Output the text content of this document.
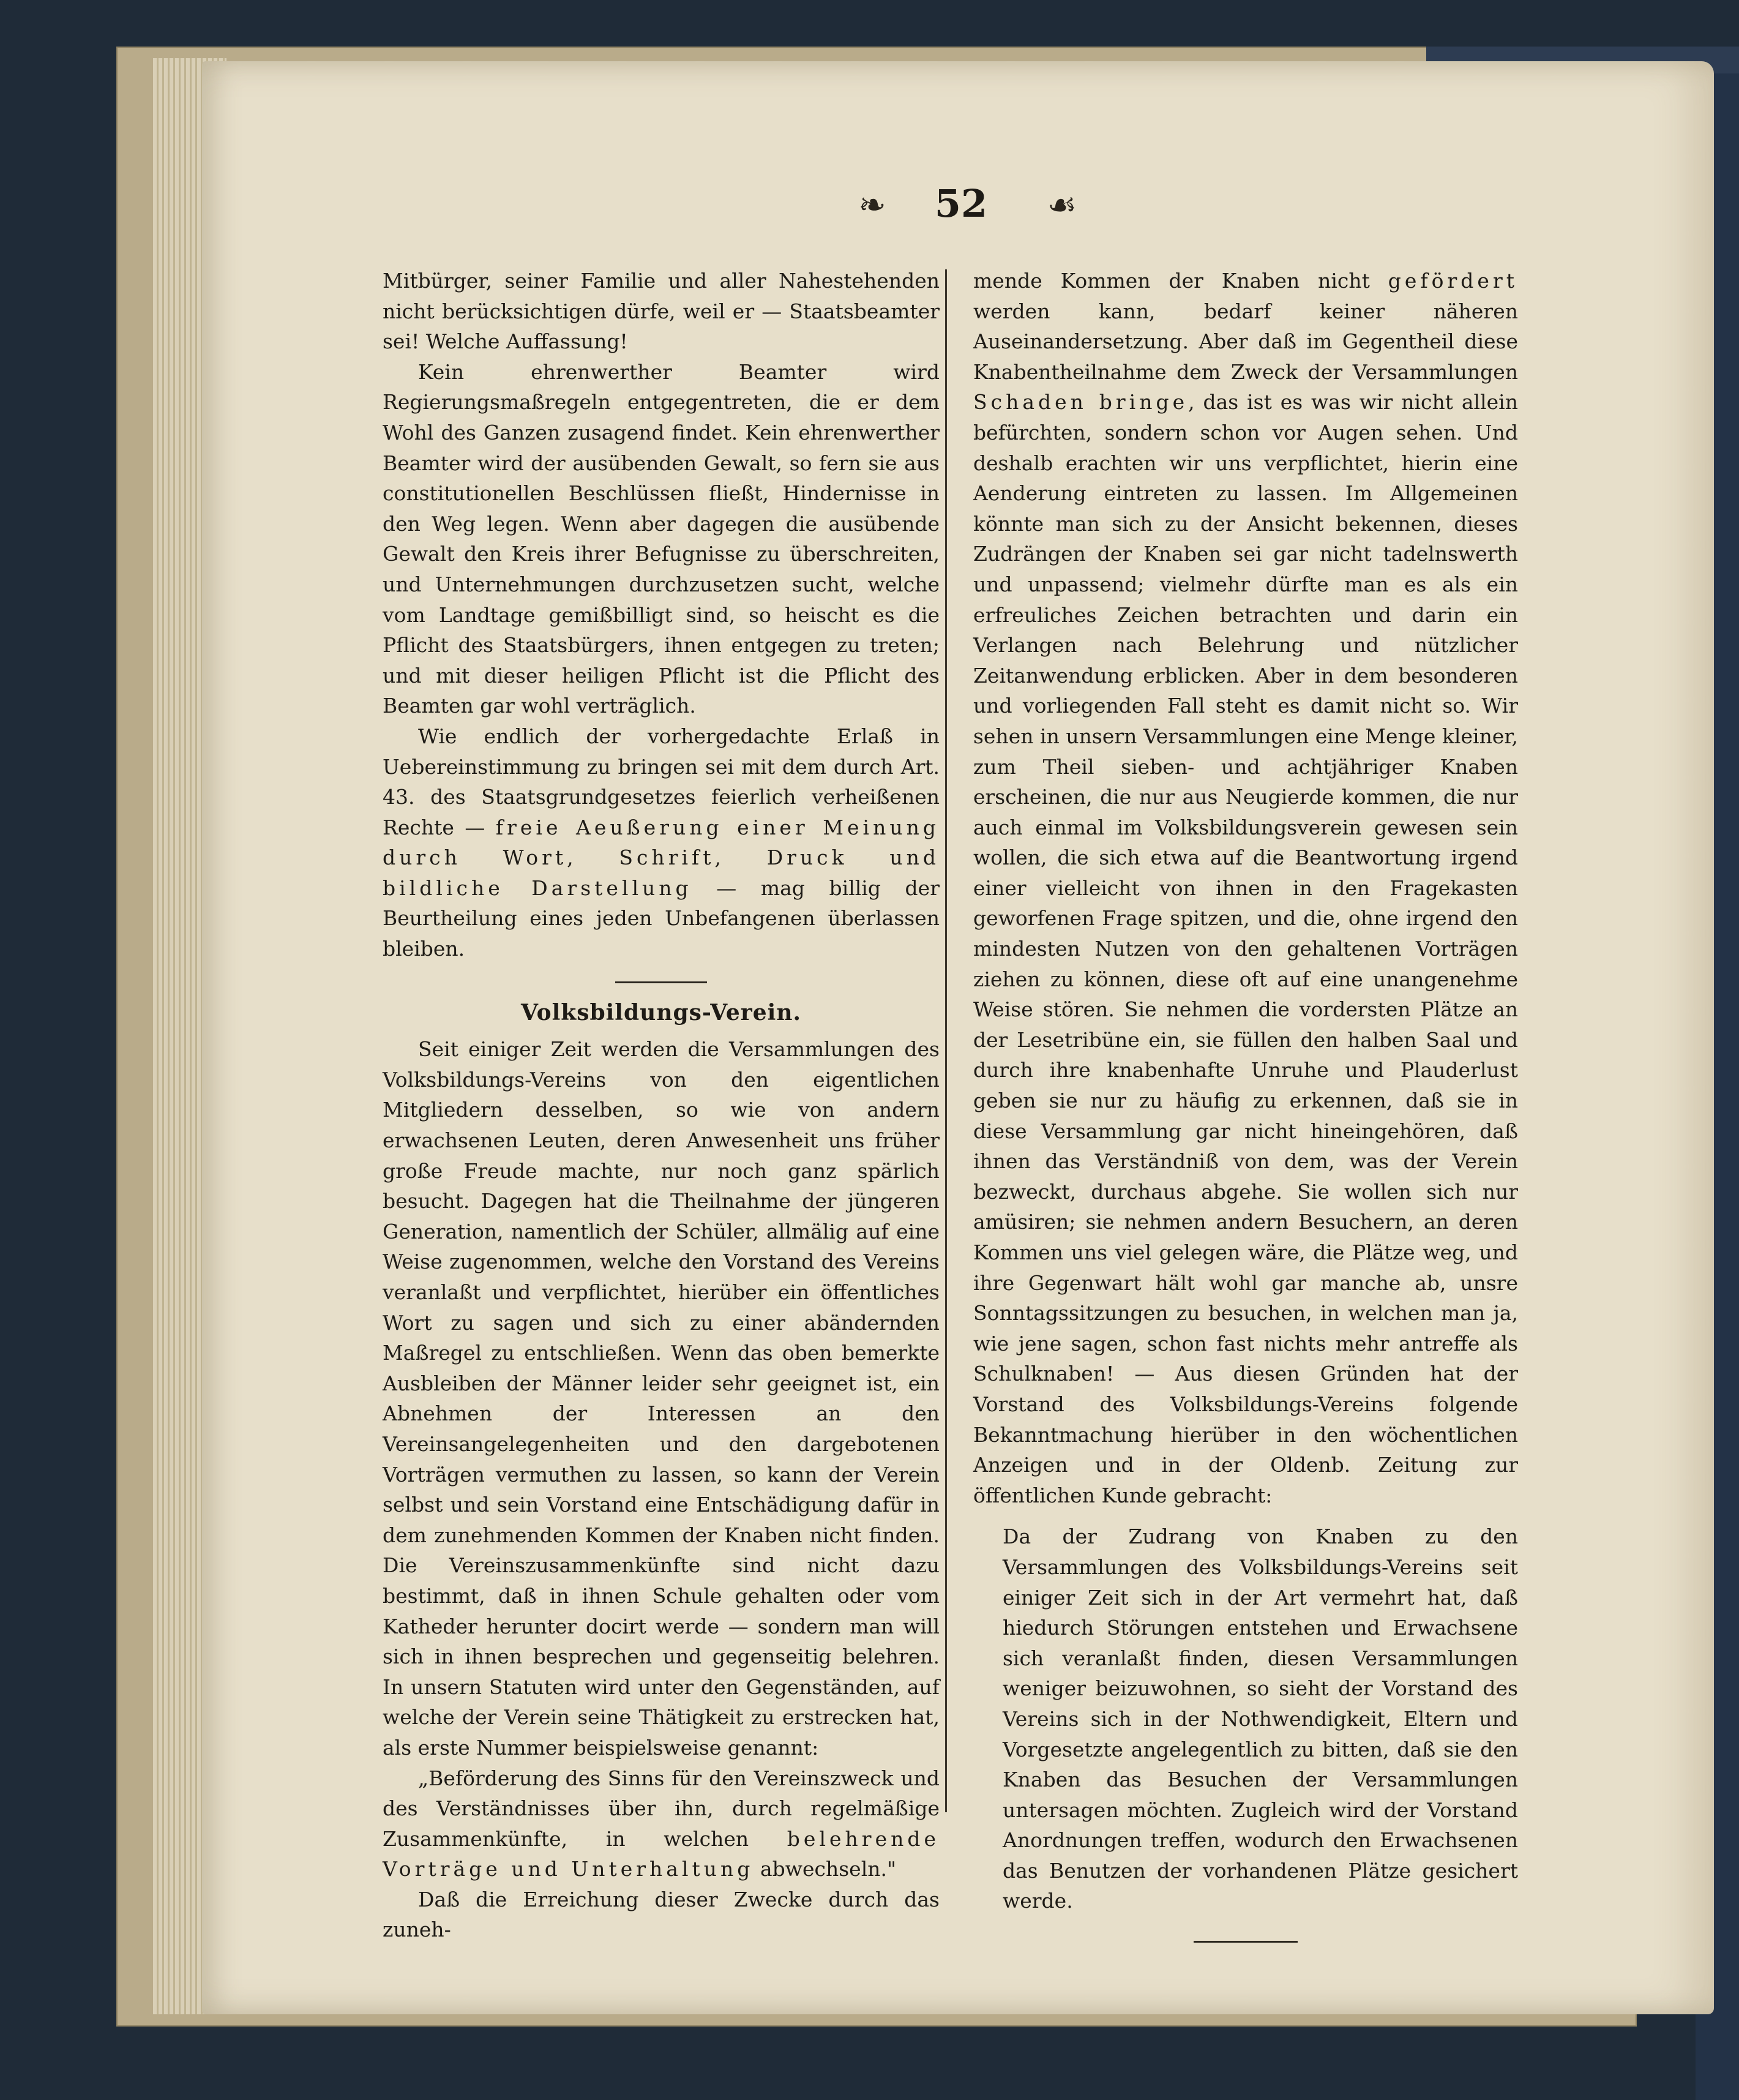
❧	52	☙

Mitbürger, seiner Familie und aller Nahestehenden nicht berücksichtigen dürfe, weil er — Staatsbeamter sei! Welche Auffassung!

Kein ehrenwerther Beamter wird Regierungsmaßregeln entgegentreten, die er dem Wohl des Ganzen zusagend findet. Kein ehrenwerther Beamter wird der ausübenden Gewalt, so fern sie aus constitutionellen Beschlüssen fließt, Hindernisse in den Weg legen. Wenn aber dagegen die ausübende Gewalt den Kreis ihrer Befugnisse zu überschreiten, und Unternehmungen durchzusetzen sucht, welche vom Landtage gemißbilligt sind, so heischt es die Pflicht des Staatsbürgers, ihnen entgegen zu treten; und mit dieser heiligen Pflicht ist die Pflicht des Beamten gar wohl verträglich.

Wie endlich der vorhergedachte Erlaß in Uebereinstimmung zu bringen sei mit dem durch Art. 43. des Staatsgrundgesetzes feierlich verheißenen Rechte — freie Aeußerung einer Meinung durch Wort, Schrift, Druck und bildliche Darstellung — mag billig der Beurtheilung eines jeden Unbefangenen überlassen bleiben.

Volksbildungs-Verein.

Seit einiger Zeit werden die Versammlungen des Volksbildungs-Vereins von den eigentlichen Mitgliedern desselben, so wie von andern erwachsenen Leuten, deren Anwesenheit uns früher große Freude machte, nur noch ganz spärlich besucht. Dagegen hat die Theilnahme der jüngeren Generation, namentlich der Schüler, allmälig auf eine Weise zugenommen, welche den Vorstand des Vereins veranlaßt und verpflichtet, hierüber ein öffentliches Wort zu sagen und sich zu einer abändernden Maßregel zu entschließen. Wenn das oben bemerkte Ausbleiben der Männer leider sehr geeignet ist, ein Abnehmen der Interessen an den Vereinsangelegenheiten und den dargebotenen Vorträgen vermuthen zu lassen, so kann der Verein selbst und sein Vorstand eine Entschädigung dafür in dem zunehmenden Kommen der Knaben nicht finden. Die Vereinszusammenkünfte sind nicht dazu bestimmt, daß in ihnen Schule gehalten oder vom Katheder herunter docirt werde — sondern man will sich in ihnen besprechen und gegenseitig belehren. In unsern Statuten wird unter den Gegenständen, auf welche der Verein seine Thätigkeit zu erstrecken hat, als erste Nummer beispielsweise genannt:

„Beförderung des Sinns für den Vereinszweck und des Verständnisses über ihn, durch regelmäßige Zusammenkünfte, in welchen belehrende Vorträge und Unterhaltung abwechseln."

Daß die Erreichung dieser Zwecke durch das zuneh-

mende Kommen der Knaben nicht gefördert werden kann, bedarf keiner näheren Auseinandersetzung. Aber daß im Gegentheil diese Knabentheilnahme dem Zweck der Versammlungen Schaden bringe, das ist es was wir nicht allein befürchten, sondern schon vor Augen sehen. Und deshalb erachten wir uns verpflichtet, hierin eine Aenderung eintreten zu lassen. Im Allgemeinen könnte man sich zu der Ansicht bekennen, dieses Zudrängen der Knaben sei gar nicht tadelnswerth und unpassend; vielmehr dürfte man es als ein erfreuliches Zeichen betrachten und darin ein Verlangen nach Belehrung und nützlicher Zeitanwendung erblicken. Aber in dem besonderen und vorliegenden Fall steht es damit nicht so. Wir sehen in unsern Versammlungen eine Menge kleiner, zum Theil sieben- und achtjähriger Knaben erscheinen, die nur aus Neugierde kommen, die nur auch einmal im Volksbildungsverein gewesen sein wollen, die sich etwa auf die Beantwortung irgend einer vielleicht von ihnen in den Fragekasten geworfenen Frage spitzen, und die, ohne irgend den mindesten Nutzen von den gehaltenen Vorträgen ziehen zu können, diese oft auf eine unangenehme Weise stören. Sie nehmen die vordersten Plätze an der Lesetribüne ein, sie füllen den halben Saal und durch ihre knabenhafte Unruhe und Plauderlust geben sie nur zu häufig zu erkennen, daß sie in diese Versammlung gar nicht hineingehören, daß ihnen das Verständniß von dem, was der Verein bezweckt, durchaus abgehe. Sie wollen sich nur amüsiren; sie nehmen andern Besuchern, an deren Kommen uns viel gelegen wäre, die Plätze weg, und ihre Gegenwart hält wohl gar manche ab, unsre Sonntagssitzungen zu besuchen, in welchen man ja, wie jene sagen, schon fast nichts mehr antreffe als Schulknaben! — Aus diesen Gründen hat der Vorstand des Volksbildungs-Vereins folgende Bekanntmachung hierüber in den wöchentlichen Anzeigen und in der Oldenb. Zeitung zur öffentlichen Kunde gebracht:

Da der Zudrang von Knaben zu den Versammlungen des Volksbildungs-Vereins seit einiger Zeit sich in der Art vermehrt hat, daß hiedurch Störungen entstehen und Erwachsene sich veranlaßt finden, diesen Versammlungen weniger beizuwohnen, so sieht der Vorstand des Vereins sich in der Nothwendigkeit, Eltern und Vorgesetzte angelegentlich zu bitten, daß sie den Knaben das Besuchen der Versammlungen untersagen möchten. Zugleich wird der Vorstand Anordnungen treffen, wodurch den Erwachsenen das Benutzen der vorhandenen Plätze gesichert werde.
